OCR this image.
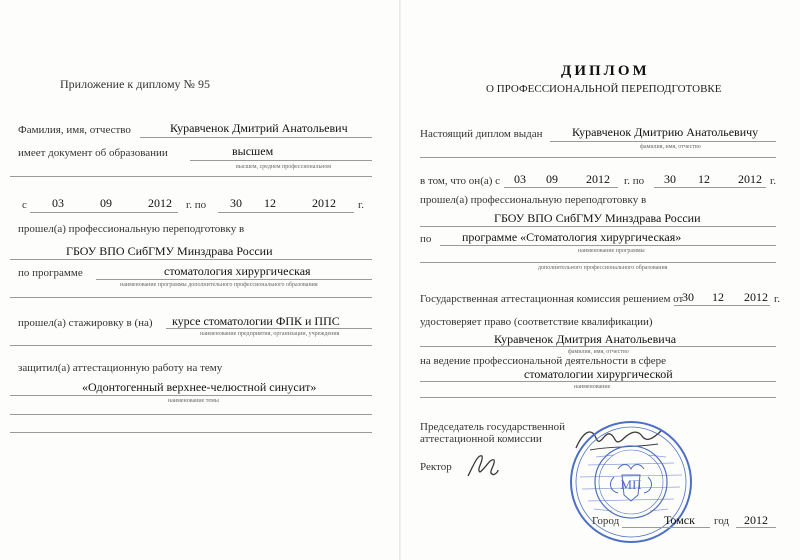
Приложение к диплому № 95
Фамилия, имя, отчество	Куравченок Дмитрий Анатольевич
имеет документ об образовании	высшем
высшем, среднем профессиональном
с 03	09	2012 г. по 30 12	2012 г.
прошел(а) профессиональную переподготовку в
ГБОУ ВПО СибГМУ Минздрава России
по программе	стоматология хирургическая
наименование программы дополнительного профессионального образования
прошел(а) стажировку в (на) курсе стоматологии ФПК и ППС
наименование предприятия, организации, учреждения
защитил(а) аттестационную работу на тему
«Одонтогенный верхнее-челюстной синусит»
наименование темы
ДИПЛОМ
О ПРОФЕССИОНАЛЬНОЙ ПЕРЕПОДГОТОВКЕ
Настоящий диплом выдан Куравченок Дмитрию Анатольевичу
фамилия, имя, отчество
в том, что он(а) с 03 09 2012 г. по 30 12 2012 г.
прошел(а) профессиональную переподготовку в
ГБОУ ВПО СибГМУ Минздрава России
по	программе «Стоматология хирургическая»
наименование программы
дополнительного профессионального образования
Государственная аттестационная комиссия решением от
30 12 2012 г.
удостоверяет право (соответствие квалификации)
Куравченок Дмитрия Анатольевича
фамилия, имя, отчество
на ведение профессиональной деятельности в сфере
стоматологии хирургической
наименование
Председатель государственной
аттестационной комиссии
Ректор
МП
Город	Томск год 2012
